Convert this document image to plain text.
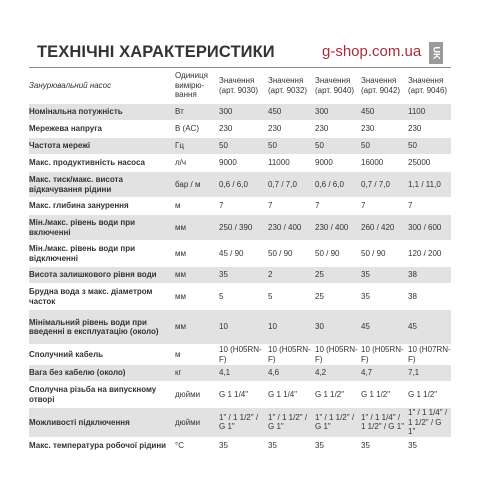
ТЕХНІЧНІ ХАРАКТЕРИСТИКИ	g-shop.com.ua UK
Занурювальний насос	Одиниця вимірю-вання	Значення (арт. 9030)	Значення (арт. 9032)	Значення (арт. 9040)	Значення (арт. 9042)	Значення (арт. 9046)
Номінальна потужність	Вт	300	450	300	450	1100
Мережева напруга	В (AC)	230	230	230	230	230
Частота мережі	Гц	50	50	50	50	50
Макс. продуктивність насоса	л/ч	9000	11000	9000	16000	25000
Макс. тиск/макс. висота відкачування рідини	бар / м	0,6 / 6,0	0,7 / 7,0	0,6 / 6,0	0,7 / 7,0	1,1 / 11,0
Макс. глибина занурення	м	7	7	7	7	7
Мін./макс. рівень води при включенні	мм	250 / 390	230 / 400	230 / 400	260 / 420	300 / 600
Мін./макс. рівень води при відключенні	мм	45 / 90	50 / 90	50 / 90	50 / 90	120 / 200
Висота залишкового рівня води	мм	35	2	25	35	38
Брудна вода з макс. діаметром часток	мм	5	5	25	35	38
Мінімальний рівень води при введенні в експлуатацію (около)	мм	10	10	30	45	45
Сполучний кабель	м	10 (H05RN-F)	10 (H05RN-F)	10 (H05RN-F)	10 (H05RN-F)	10 (H07RN-F)
Вага без кабелю (около)	кг	4,1	4,6	4,2	4,7	7,1
Сполучна різьба на випускному отворі	дюйми	G 1 1/4"	G 1 1/4"	G 1 1/2"	G 1 1/2"	G 1 1/2"
Можливості підключення	дюйми	1" / 1 1/2" / G 1"	1" / 1 1/2" / G 1"	1" / 1 1/2" / G 1"	1" / 1 1/4" / 1 1/2" / G 1"	1" / 1 1/4" / 1 1/2" / G 1"
Макс. температура робочої рідини	°C	35	35	35	35	35
